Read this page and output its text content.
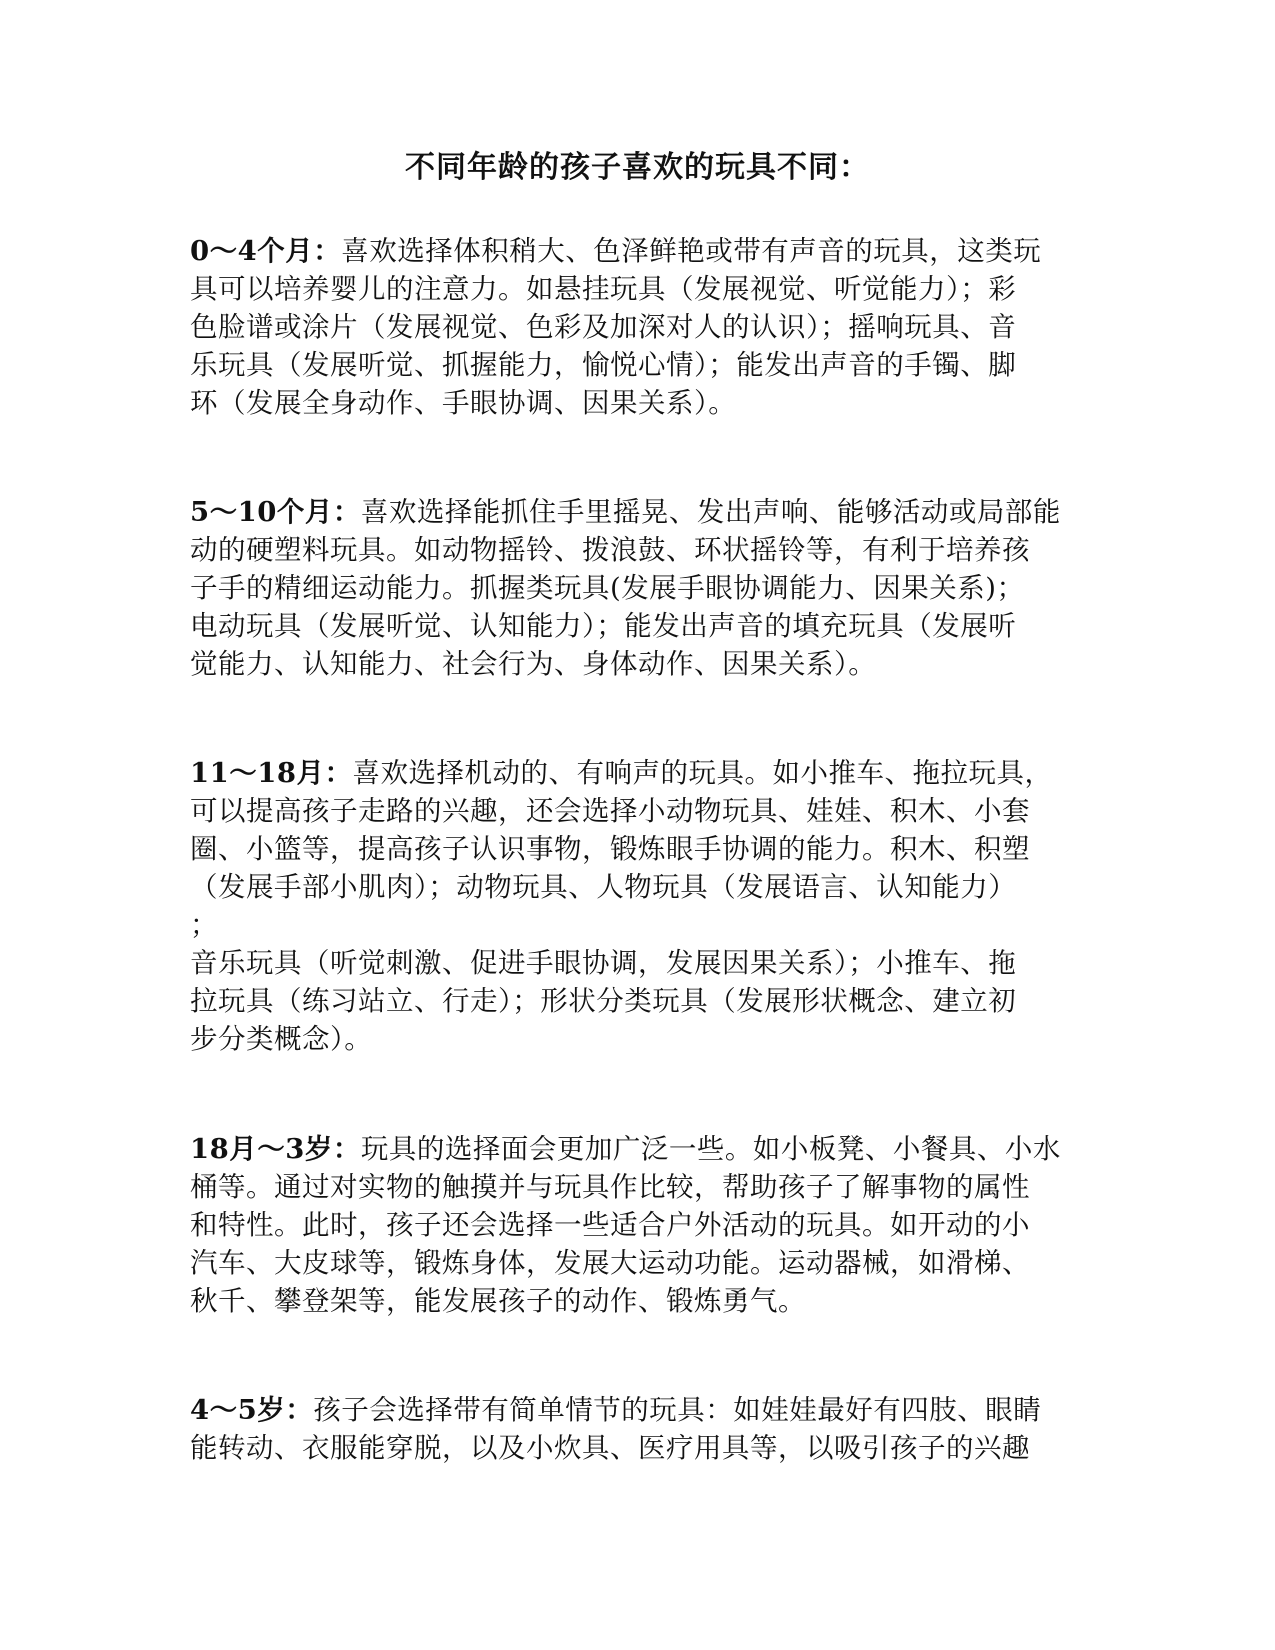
不同年龄的孩子喜欢的玩具不同：
0～4个月：喜欢选择体积稍大、色泽鲜艳或带有声音的玩具，这类玩
具可以培养婴儿的注意力。如悬挂玩具（发展视觉、听觉能力）；彩
色脸谱或涂片（发展视觉、色彩及加深对人的认识）；摇响玩具、音
乐玩具（发展听觉、抓握能力，愉悦心情）；能发出声音的手镯、脚
环（发展全身动作、手眼协调、因果关系）。
5～10个月：喜欢选择能抓住手里摇晃、发出声响、能够活动或局部能
动的硬塑料玩具。如动物摇铃、拨浪鼓、环状摇铃等，有利于培养孩
子手的精细运动能力。抓握类玩具(发展手眼协调能力、因果关系)；
电动玩具（发展听觉、认知能力）；能发出声音的填充玩具（发展听
觉能力、认知能力、社会行为、身体动作、因果关系）。
11～18月：喜欢选择机动的、有响声的玩具。如小推车、拖拉玩具，
可以提高孩子走路的兴趣，还会选择小动物玩具、娃娃、积木、小套
圈、小篮等，提高孩子认识事物，锻炼眼手协调的能力。积木、积塑
（发展手部小肌肉）；动物玩具、人物玩具（发展语言、认知能力）
；
音乐玩具（听觉刺激、促进手眼协调，发展因果关系）；小推车、拖
拉玩具（练习站立、行走）；形状分类玩具（发展形状概念、建立初
步分类概念）。
18月～3岁：玩具的选择面会更加广泛一些。如小板凳、小餐具、小水
桶等。通过对实物的触摸并与玩具作比较，帮助孩子了解事物的属性
和特性。此时，孩子还会选择一些适合户外活动的玩具。如开动的小
汽车、大皮球等，锻炼身体，发展大运动功能。运动器械，如滑梯、
秋千、攀登架等，能发展孩子的动作、锻炼勇气。
4～5岁：孩子会选择带有简单情节的玩具：如娃娃最好有四肢、眼睛
能转动、衣服能穿脱，以及小炊具、医疗用具等，以吸引孩子的兴趣
